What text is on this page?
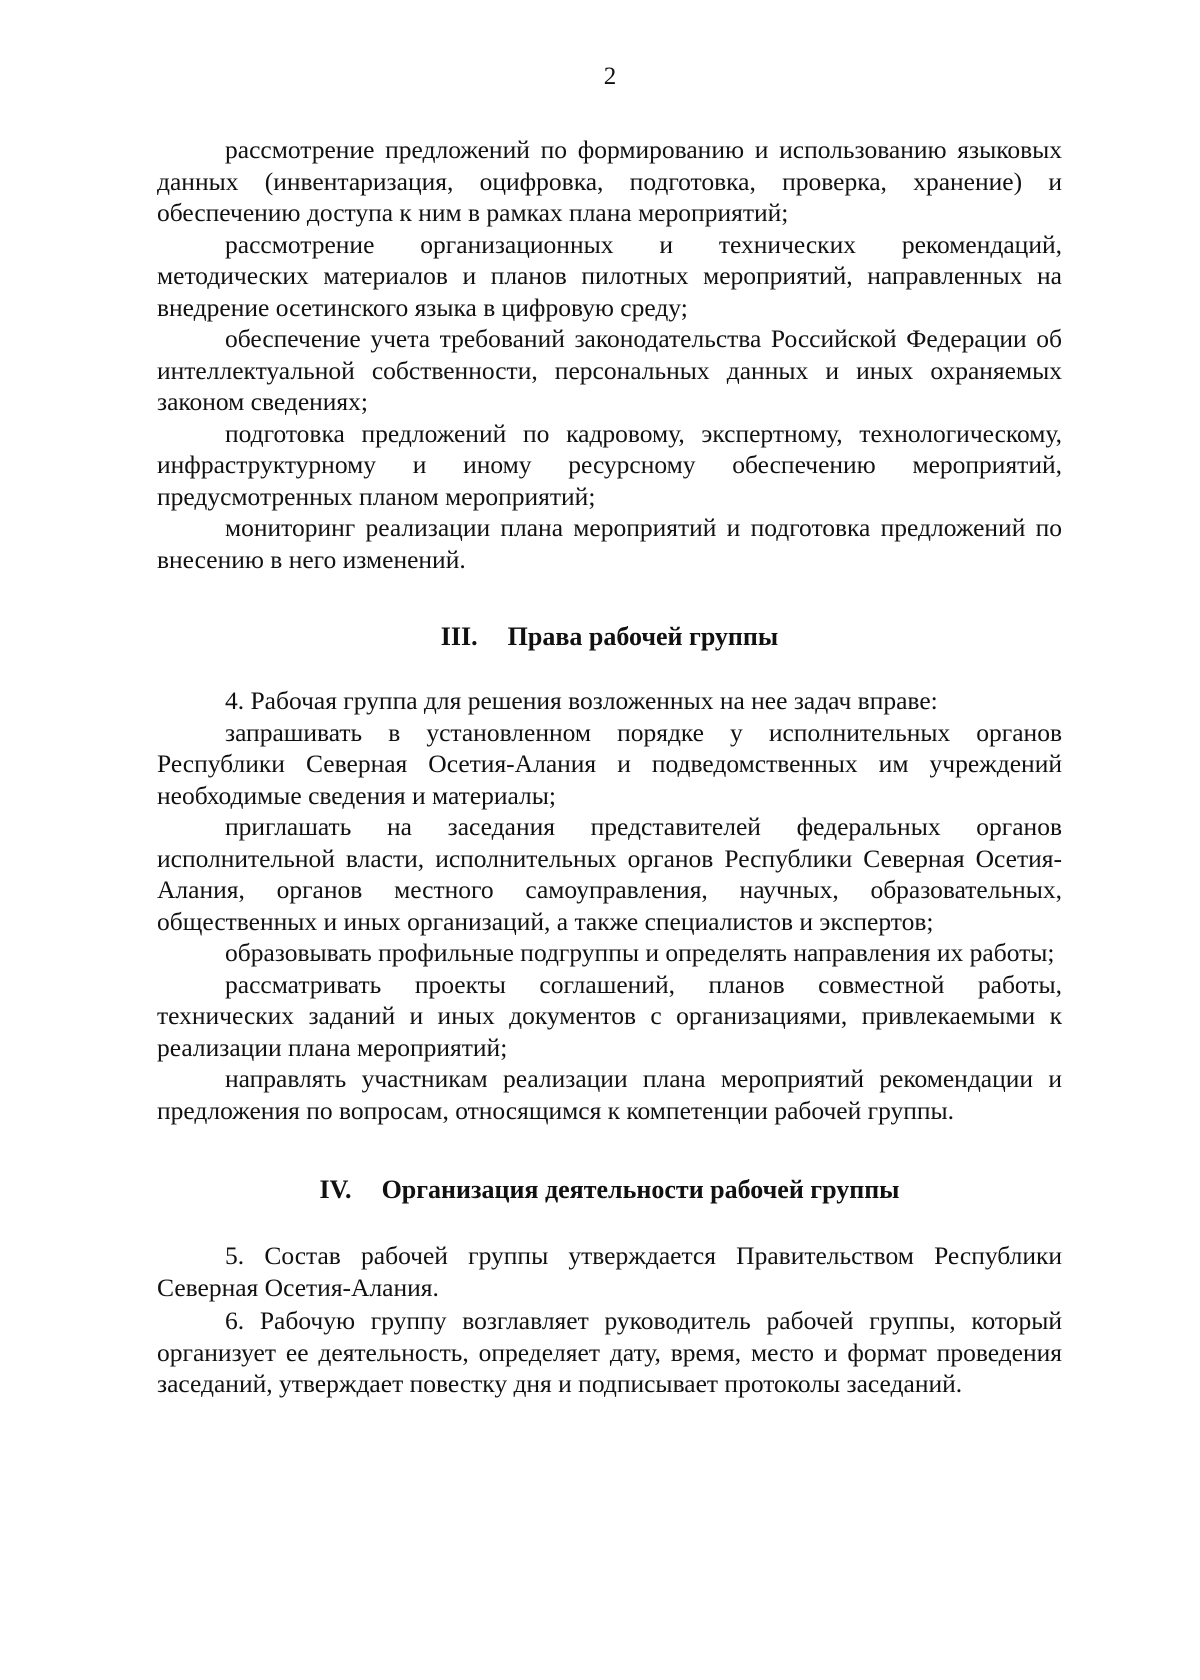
2

рассмотрение предложений по формированию и использованию языковых данных (инвентаризация, оцифровка, подготовка, проверка, хранение) и обеспечению доступа к ним в рамках плана мероприятий;

рассмотрение организационных и технических рекомендаций, методических материалов и планов пилотных мероприятий, направленных на внедрение осетинского языка в цифровую среду;

обеспечение учета требований законодательства Российской Федерации об интеллектуальной собственности, персональных данных и иных охраняемых законом сведениях;

подготовка предложений по кадровому, экспертному, технологическому, инфраструктурному и иному ресурсному обеспечению мероприятий, предусмотренных планом мероприятий;

мониторинг реализации плана мероприятий и подготовка предложений по внесению в него изменений.

III. Права рабочей группы

4. Рабочая группа для решения возложенных на нее задач вправе:

запрашивать в установленном порядке у исполнительных органов Республики Северная Осетия-Алания и подведомственных им учреждений необходимые сведения и материалы;

приглашать на заседания представителей федеральных органов исполнительной власти, исполнительных органов Республики Северная Осетия-Алания, органов местного самоуправления, научных, образовательных, общественных и иных организаций, а также специалистов и экспертов;

образовывать профильные подгруппы и определять направления их работы;

рассматривать проекты соглашений, планов совместной работы, технических заданий и иных документов с организациями, привлекаемыми к реализации плана мероприятий;

направлять участникам реализации плана мероприятий рекомендации и предложения по вопросам, относящимся к компетенции рабочей группы.

IV. Организация деятельности рабочей группы

5. Состав рабочей группы утверждается Правительством Республики Северная Осетия-Алания.

6. Рабочую группу возглавляет руководитель рабочей группы, который организует ее деятельность, определяет дату, время, место и формат проведения заседаний, утверждает повестку дня и подписывает протоколы заседаний.
